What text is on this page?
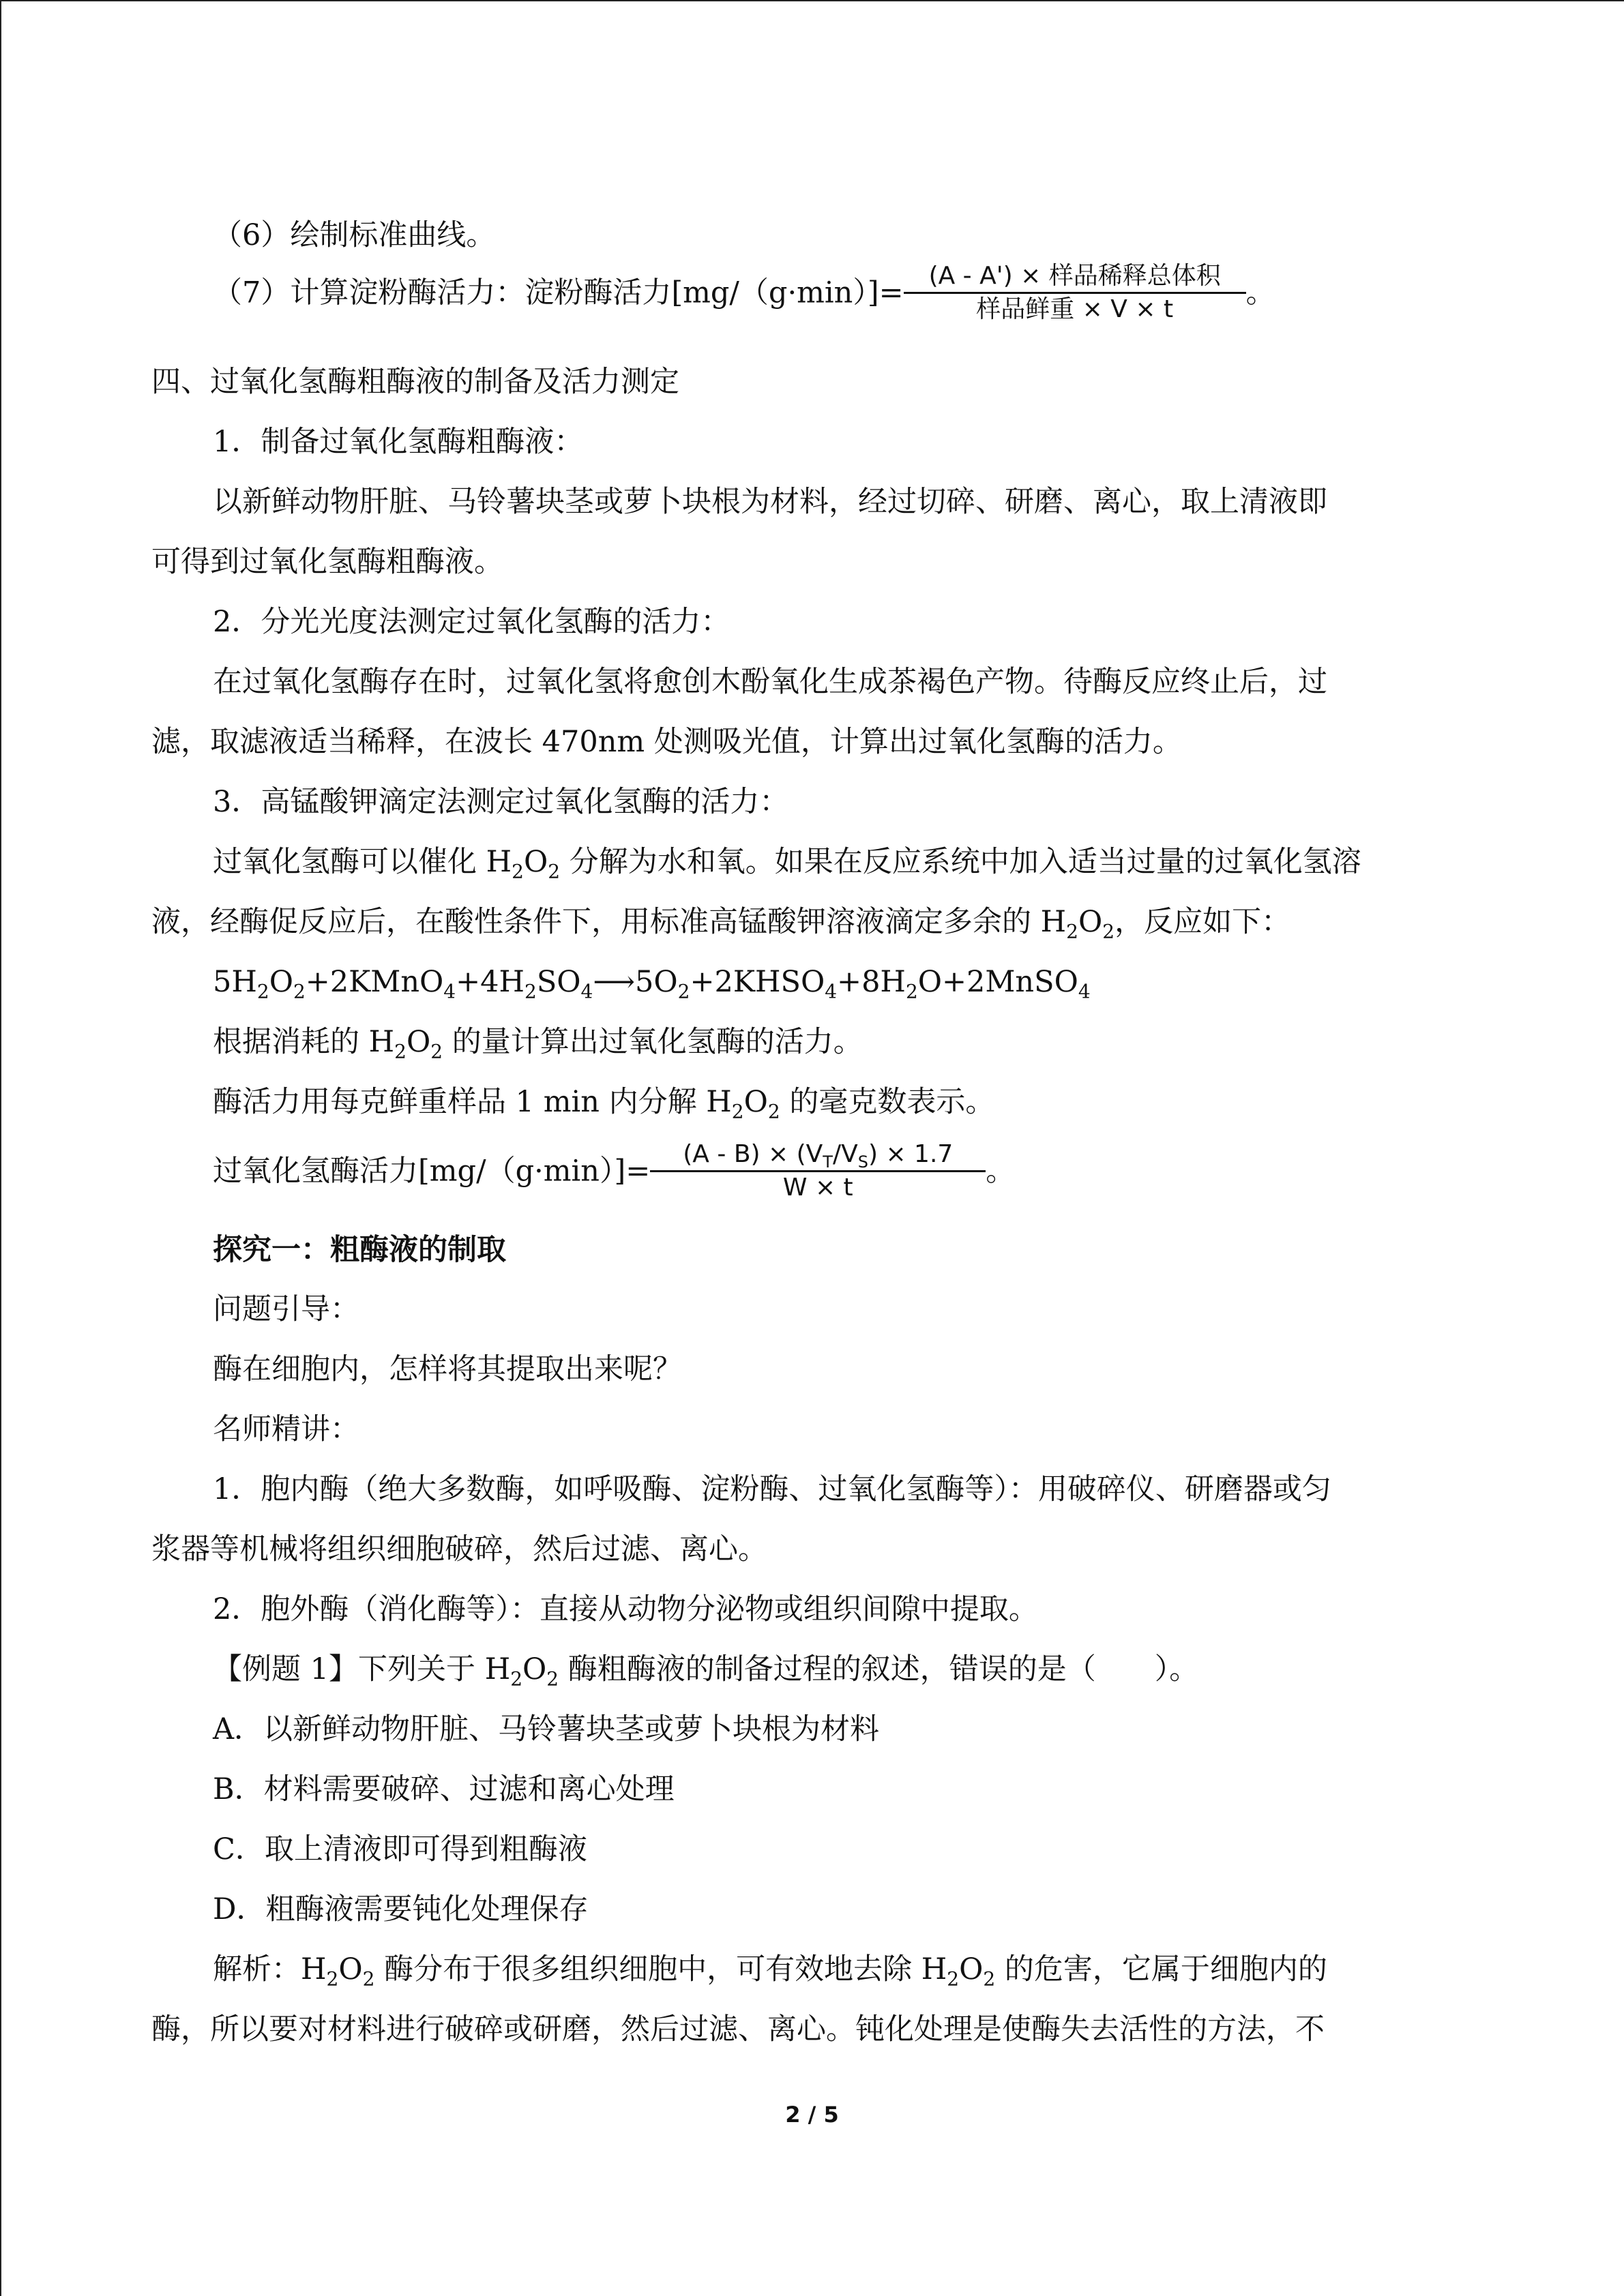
（6）绘制标准曲线。
（7）计算淀粉酶活力：淀粉酶活力$[mg/(g\cdot\min)]= \frac{\text{(A - A') × 样品稀释总体积}}{\text{样品鲜重 × V × t}}$ 。
四、过氧化氢酶粗酶液的制备及活力测定
1．制备过氧化氢酶粗酶液：
以新鲜动物肝脏、马铃薯块茎或萝卜块根为材料，经过切碎、研磨、离心，取上清液即
可得到过氧化氢酶粗酶液。
2．分光光度法测定过氧化氢酶的活力：
在过氧化氢酶存在时，过氧化氢将愈创木酚氧化生成茶褐色产物。待酶反应终止后，过
滤，取滤液适当稀释，在波长 470nm 处测吸光值，计算出过氧化氢酶的活力。
3．高锰酸钾滴定法测定过氧化氢酶的活力：
过氧化氢酶可以催化 $H_2O_2$ 分解为水和氧。如果在反应系统中加入适当过量的过氧化氢溶
液，经酶促反应后，在酸性条件下，用标准高锰酸钾溶液滴定多余的 $H_2O_2$，反应如下：
$5H_2O_2+2KMnO_4+4H_2SO_4⟶5O_2+2KHSO_4+8H_2O+2MnSO_4$
根据消耗的 $H_2O_2$ 的量计算出过氧化氢酶的活力。
酶活力用每克鲜重样品 1 min 内分解 $H_2O_2$ 的毫克数表示。
过氧化氢酶活力$[mg/(g\cdot\min)]= \frac{(A - B) \times (V_T/V_S) \times 1.7}{W \times t}$ 。
探究一：粗酶液的制取
问题引导：
酶在细胞内，怎样将其提取出来呢？
名师精讲：
1．胞内酶（绝大多数酶，如呼吸酶、淀粉酶、过氧化氢酶等）：用破碎仪、研磨器或匀
浆器等机械将组织细胞破碎，然后过滤、离心。
2．胞外酶（消化酶等）：直接从动物分泌物或组织间隙中提取。
【例题 1】下列关于 $H_2O_2$ 酶粗酶液的制备过程的叙述，错误的是（　　）。
A．以新鲜动物肝脏、马铃薯块茎或萝卜块根为材料
B．材料需要破碎、过滤和离心处理
C．取上清液即可得到粗酶液
D．粗酶液需要钝化处理保存
解析：$H_2O_2$ 酶分布于很多组织细胞中，可有效地去除 $H_2O_2$ 的危害，它属于细胞内的
酶，所以要对材料进行破碎或研磨，然后过滤、离心。钝化处理是使酶失去活性的方法，不
2 / 5
